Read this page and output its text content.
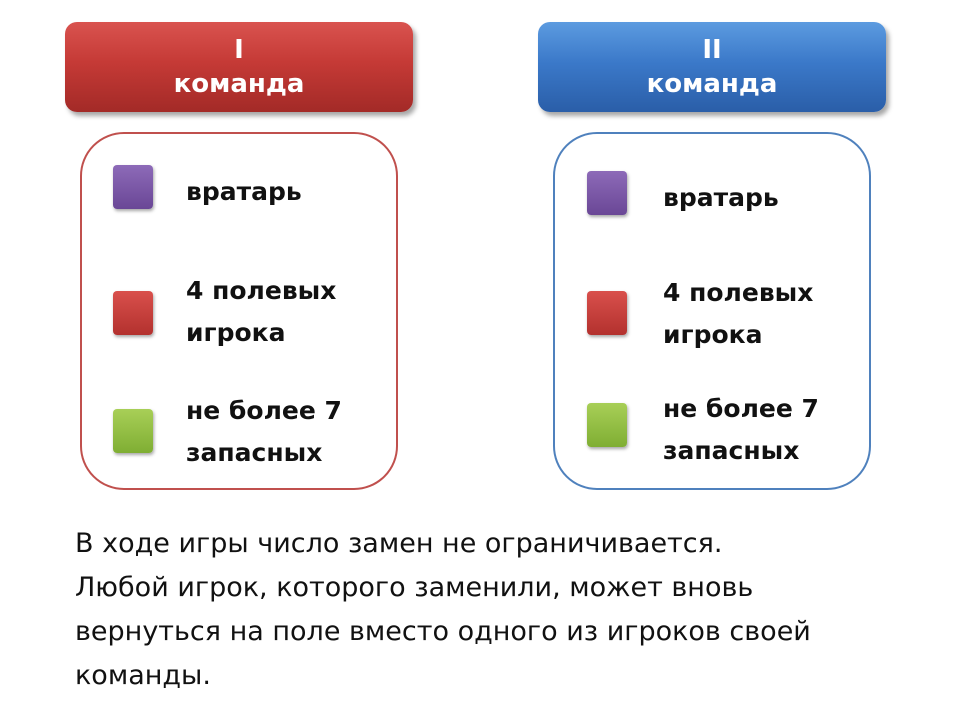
I
команда
II
команда
вратарь
4 полевых
игрока
не более 7
запасных
вратарь
4 полевых
игрока
не более 7
запасных
В ходе игры число замен не ограничивается.
Любой игрок, которого заменили, может вновь
вернуться на поле вместо одного из игроков своей
команды.
